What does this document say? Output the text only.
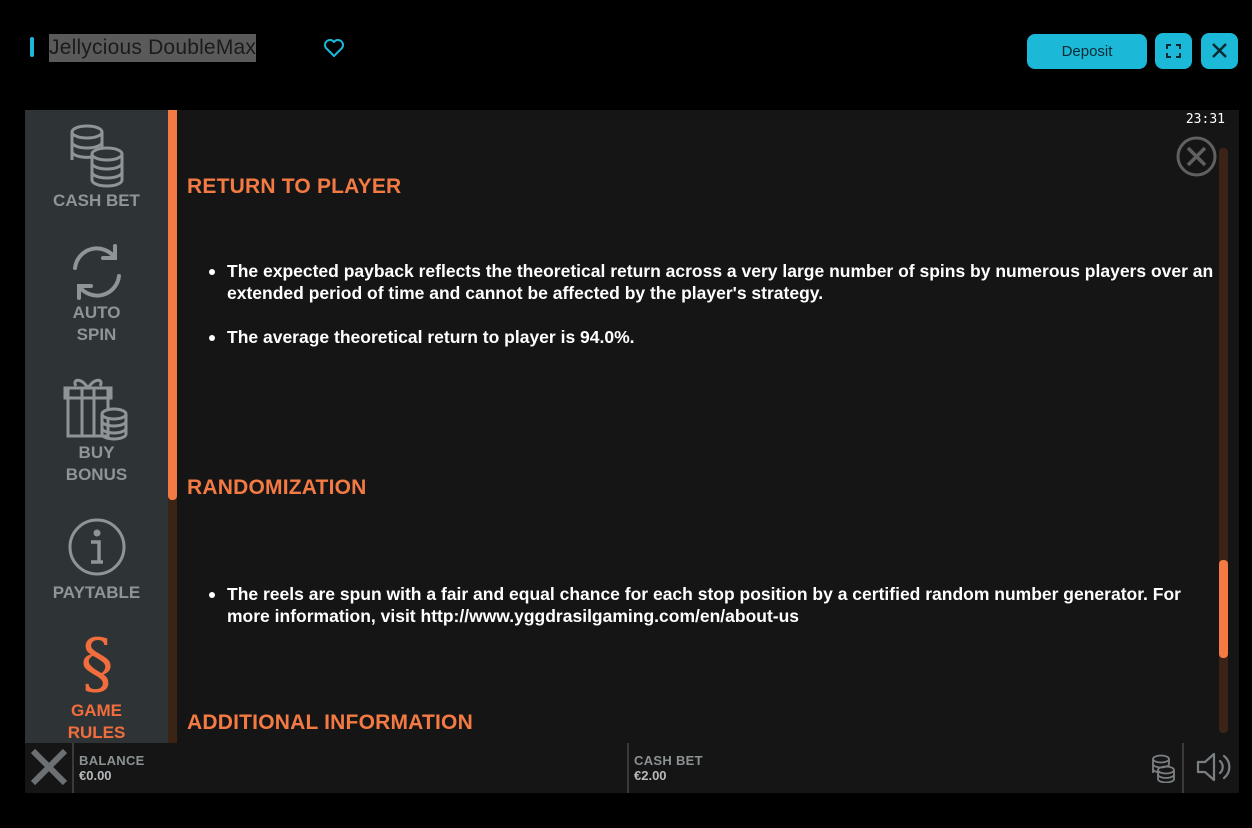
Jellycious DoubleMax	Deposit
CASH BET
AUTO
SPIN
BUY
BONUS
PAYTABLE
§
GAME
RULES
RETURN TO PLAYER
The expected payback reflects the theoretical return across a very large number of spins by numerous players over an extended period of time and cannot be affected by the player's strategy.
The average theoretical return to player is 94.0%.
RANDOMIZATION
The reels are spun with a fair and equal chance for each stop position by a certified random number generator. For more information, visit http://www.yggdrasilgaming.com/en/about-us
ADDITIONAL INFORMATION
23:31
BALANCE
€0.00
CASH BET
€2.00
